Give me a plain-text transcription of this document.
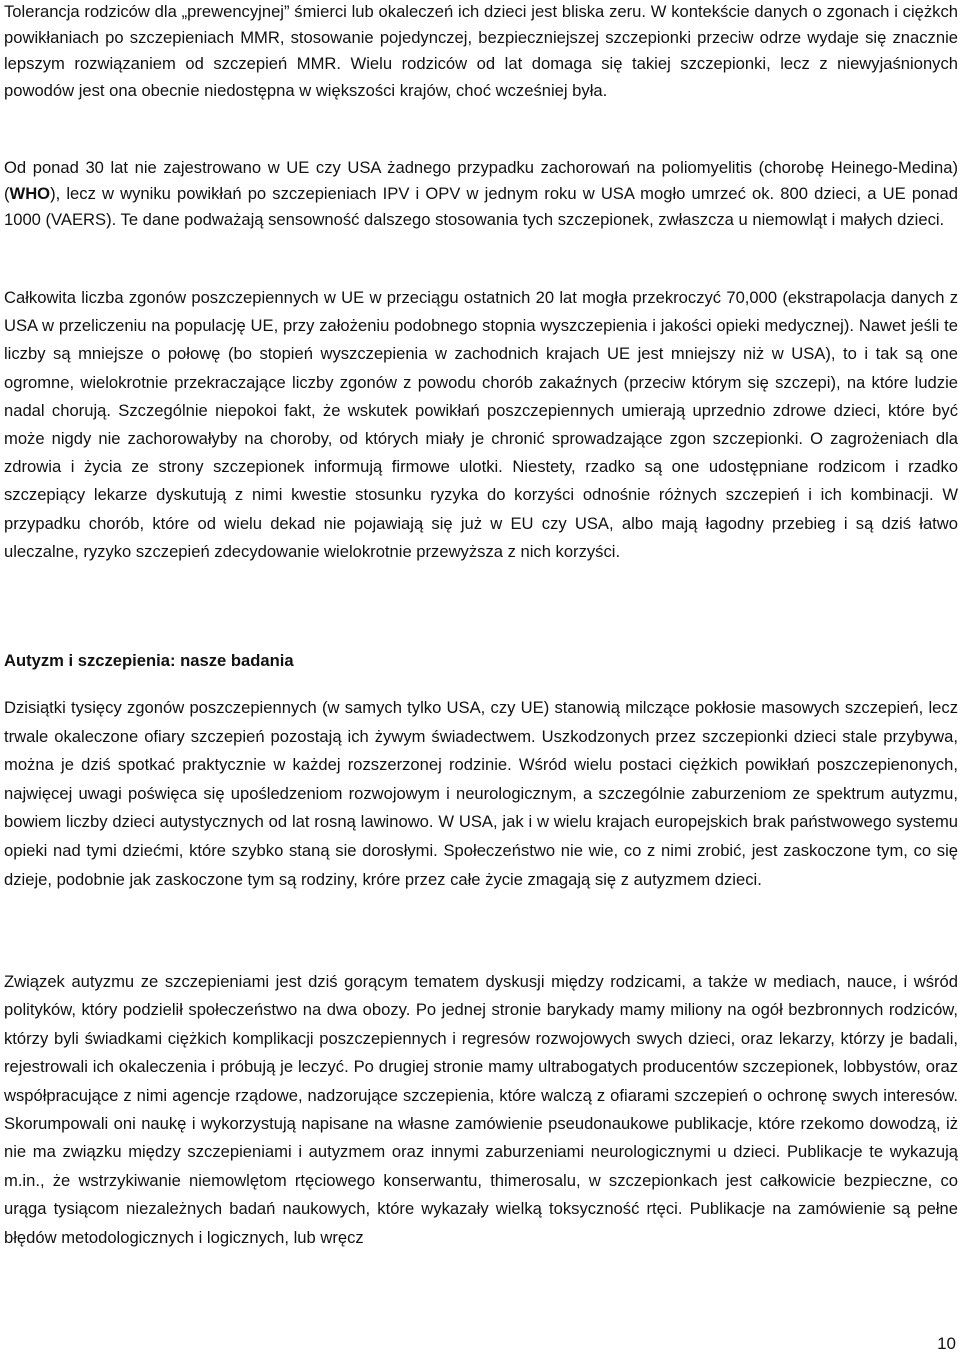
Tolerancja rodziców dla „prewencyjnej” śmierci lub okaleczeń ich dzieci jest bliska zeru. W kontekście danych o zgonach i ciężkch powikłaniach po szczepieniach MMR, stosowanie pojedynczej, bezpieczniejszej szczepionki przeciw odrze wydaje się znacznie lepszym rozwiązaniem od szczepień MMR. Wielu rodziców od lat domaga się takiej szczepionki, lecz z niewyjaśnionych powodów jest ona obecnie niedostępna w większości krajów, choć wcześniej była.

Od ponad 30 lat nie zajestrowano w UE czy USA żadnego przypadku zachorowań na poliomyelitis (chorobę Heinego-Medina) (WHO), lecz w wyniku powikłań po szczepieniach IPV i OPV w jednym roku w USA mogło umrzeć ok. 800 dzieci, a UE ponad 1000 (VAERS). Te dane podważają sensowność dalszego stosowania tych szczepionek, zwłaszcza u niemowląt i małych dzieci.

Całkowita liczba zgonów poszczepiennych w UE w przeciągu ostatnich 20 lat mogła przekroczyć 70,000 (ekstrapolacja danych z USA w przeliczeniu na populację UE, przy założeniu podobnego stopnia wyszczepienia i jakości opieki medycznej). Nawet jeśli te liczby są mniejsze o połowę (bo stopień wyszczepienia w zachodnich krajach UE jest mniejszy niż w USA), to i tak są one ogromne, wielokrotnie przekraczające liczby zgonów z powodu chorób zakaźnych (przeciw którym się szczepi), na które ludzie nadal chorują. Szczególnie niepokoi fakt, że wskutek powikłań poszczepiennych umierają uprzednio zdrowe dzieci, które być może nigdy nie zachorowałyby na choroby, od których miały je chronić sprowadzające zgon szczepionki. O zagrożeniach dla zdrowia i życia ze strony szczepionek informują firmowe ulotki. Niestety, rzadko są one udostępniane rodzicom i rzadko szczepiący lekarze dyskutują z nimi kwestie stosunku ryzyka do korzyści odnośnie różnych szczepień i ich kombinacji. W przypadku chorób, które od wielu dekad nie pojawiają się już w EU czy USA, albo mają łagodny przebieg i są dziś łatwo uleczalne, ryzyko szczepień zdecydowanie wielokrotnie przewyższa z nich korzyści.

Autyzm i szczepienia: nasze badania

Dzisiątki tysięcy zgonów poszczepiennych (w samych tylko USA, czy UE) stanowią milczące pokłosie masowych szczepień, lecz trwale okaleczone ofiary szczepień pozostają ich żywym świadectwem. Uszkodzonych przez szczepionki dzieci stale przybywa, można je dziś spotkać praktycznie w każdej rozszerzonej rodzinie. Wśród wielu postaci ciężkich powikłań poszczepienonych, najwięcej uwagi poświęca się upośledzeniom rozwojowym i neurologicznym, a szczególnie zaburzeniom ze spektrum autyzmu, bowiem liczby dzieci autystycznych od lat rosną lawinowo. W USA, jak i w wielu krajach europejskich brak państwowego systemu opieki nad tymi dziećmi, które szybko staną sie dorosłymi. Społeczeństwo nie wie, co z nimi zrobić, jest zaskoczone tym, co się dzieje, podobnie jak zaskoczone tym są rodziny, króre przez całe życie zmagają się z autyzmem dzieci.

Związek autyzmu ze szczepieniami jest dziś gorącym tematem dyskusji między rodzicami, a także w mediach, nauce, i wśród polityków, który podzielił społeczeństwo na dwa obozy. Po jednej stronie barykady mamy miliony na ogół bezbronnych rodziców, którzy byli świadkami ciężkich komplikacji poszczepiennych i regresów rozwojowych swych dzieci, oraz lekarzy, którzy je badali, rejestrowali ich okaleczenia i próbują je leczyć. Po drugiej stronie mamy ultrabogatych producentów szczepionek, lobbystów, oraz współpracujące z nimi agencje rządowe, nadzorujące szczepienia, które walczą z ofiarami szczepień o ochronę swych interesów. Skorumpowali oni naukę i wykorzystują napisane na własne zamówienie pseudonaukowe publikacje, które rzekomo dowodzą, iż nie ma związku między szczepieniami i autyzmem oraz innymi zaburzeniami neurologicznymi u dzieci. Publikacje te wykazują m.in., że wstrzykiwanie niemowlętom rtęciowego konserwantu, thimerosalu, w szczepionkach jest całkowicie bezpieczne, co urąga tysiącom niezależnych badań naukowych, które wykazały wielką toksyczność rtęci. Publikacje na zamówienie są pełne błędów metodologicznych i logicznych, lub wręcz

10
